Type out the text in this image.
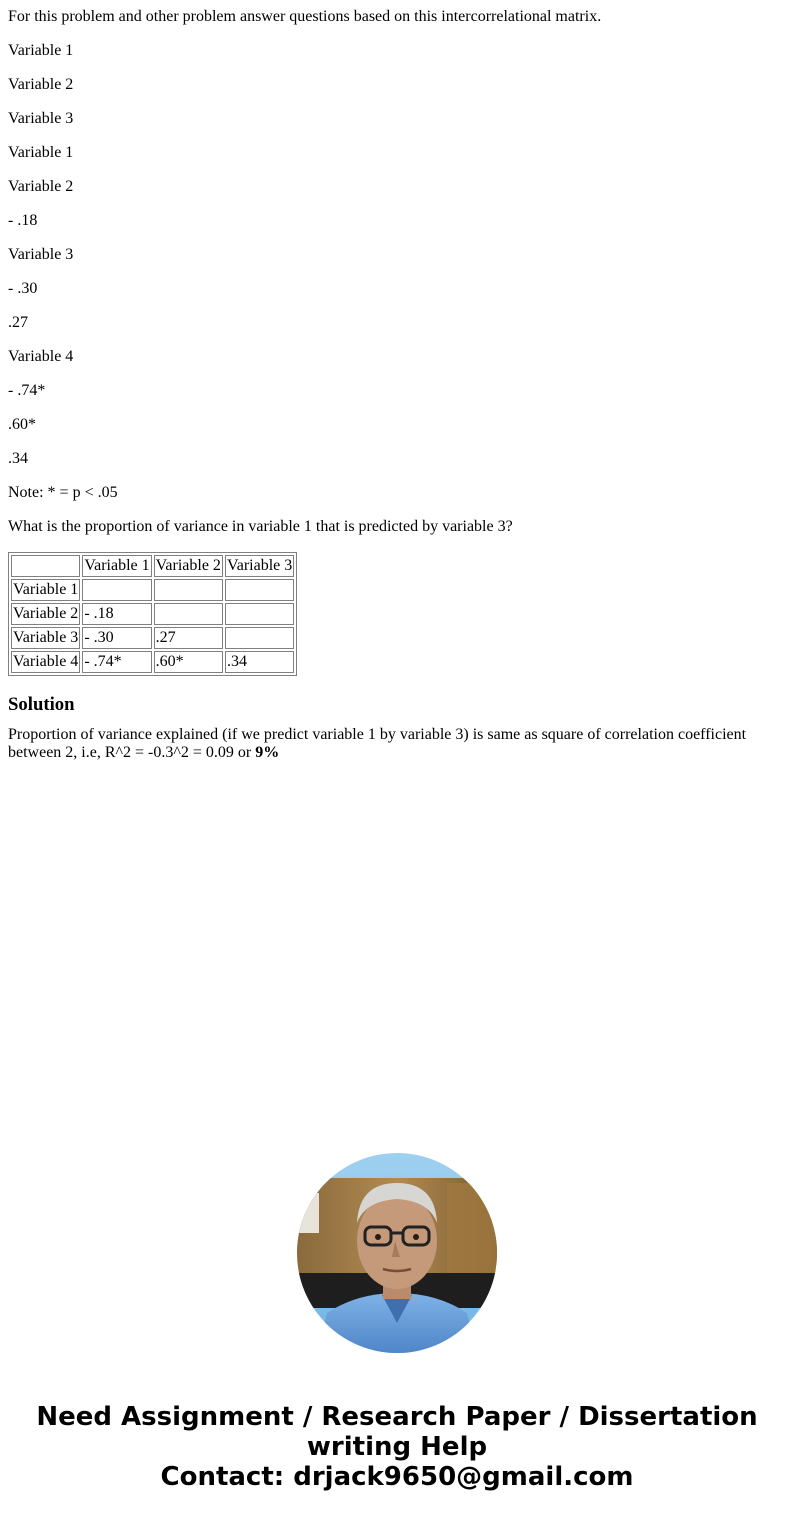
For this problem and other problem answer questions based on this intercorrelational matrix.

Variable 1

Variable 2

Variable 3

Variable 1

Variable 2

- .18

Variable 3

- .30

.27

Variable 4

- .74*

.60*

.34

Note: * = p < .05

What is the proportion of variance in variable 1 that is predicted by variable 3?

	Variable 1	Variable 2	Variable 3
Variable 1			
Variable 2	- .18		
Variable 3	- .30	.27	
Variable 4	- .74*	.60*	.34
Solution

Proportion of variance explained (if we predict variable 1 by variable 3) is same as square of correlation coefficient between 2, i.e, R^2 = -0.3^2 = 0.09 or 9%

Need Assignment / Research Paper / Dissertation
writing Help
Contact: drjack9650@gmail.com
